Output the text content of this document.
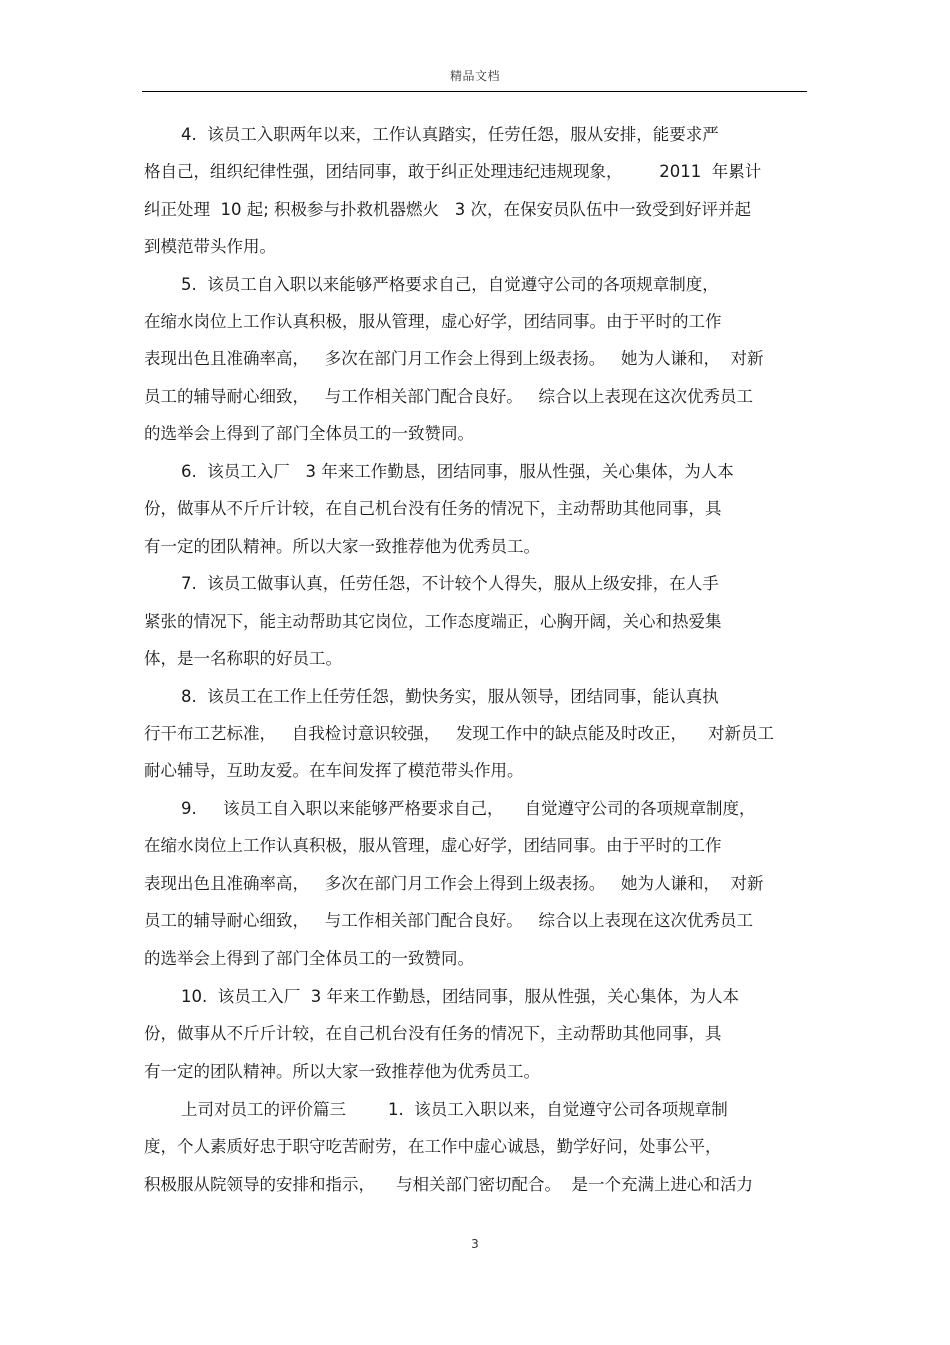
精品文档
4.  该员工入职两年以来，工作认真踏实，任劳任怨，服从安排，能要求严
格自己，组织纪律性强，团结同事，敢于纠正处理违纪违规现象，       2011  年累计
纠正处理  10 起; 积极参与扑救机器燃火   3 次，在保安员队伍中一致受到好评并起
到模范带头作用。
5.  该员工自入职以来能够严格要求自己，自觉遵守公司的各项规章制度，
在缩水岗位上工作认真积极，服从管理，虚心好学，团结同事。由于平时的工作
表现出色且准确率高，   多次在部门月工作会上得到上级表扬。   她为人谦和，  对新
员工的辅导耐心细致，   与工作相关部门配合良好。   综合以上表现在这次优秀员工
的选举会上得到了部门全体员工的一致赞同。
6.  该员工入厂   3 年来工作勤恳，团结同事，服从性强，关心集体，为人本
份，做事从不斤斤计较，在自己机台没有任务的情况下，主动帮助其他同事，具
有一定的团队精神。所以大家一致推荐他为优秀员工。
7.  该员工做事认真，任劳任怨，不计较个人得失，服从上级安排，在人手
紧张的情况下，能主动帮助其它岗位，工作态度端正，心胸开阔，关心和热爱集
体，是一名称职的好员工。
8.  该员工在工作上任劳任怨，勤快务实，服从领导，团结同事，能认真执
行干布工艺标准，   自我检讨意识较强，   发现工作中的缺点能及时改正，    对新员工
耐心辅导，互助友爱。在车间发挥了模范带头作用。
9.     该员工自入职以来能够严格要求自己，    自觉遵守公司的各项规章制度，
在缩水岗位上工作认真积极，服从管理，虚心好学，团结同事。由于平时的工作
表现出色且准确率高，   多次在部门月工作会上得到上级表扬。   她为人谦和，  对新
员工的辅导耐心细致，   与工作相关部门配合良好。   综合以上表现在这次优秀员工
的选举会上得到了部门全体员工的一致赞同。
10.  该员工入厂  3 年来工作勤恳，团结同事，服从性强，关心集体，为人本
份，做事从不斤斤计较，在自己机台没有任务的情况下，主动帮助其他同事，具
有一定的团队精神。所以大家一致推荐他为优秀员工。
上司对员工的评价篇三        1.  该员工入职以来，自觉遵守公司各项规章制
度，个人素质好忠于职守吃苦耐劳，在工作中虚心诚恳，勤学好问，处事公平，
积极服从院领导的安排和指示，    与相关部门密切配合。  是一个充满上进心和活力
3
